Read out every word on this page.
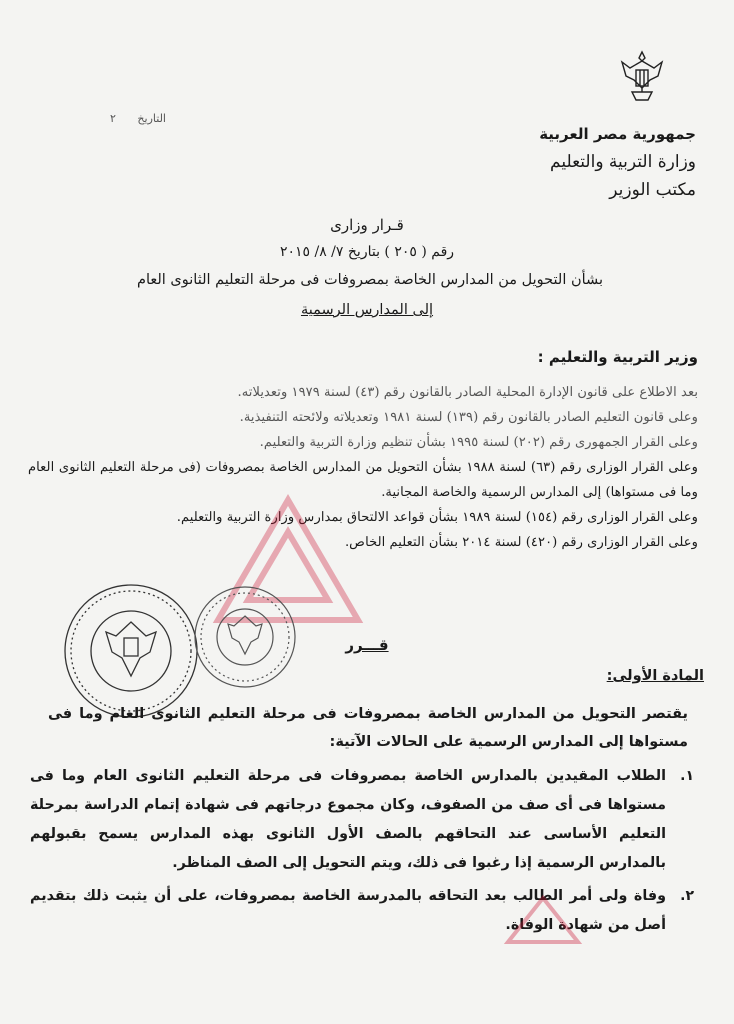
جمهورية مصر العربية
وزارة التربية والتعليم
مكتب الوزير
التاريخ ٢
قـرار وزارى
رقم ( ٢٠٥ ) بتاريخ ٧/ ٨/ ٢٠١٥
بشأن التحويل من المدارس الخاصة بمصروفات فى مرحلة التعليم الثانوى العام
إلى المدارس الرسمية
وزير التربية والتعليم :

بعد الاطلاع على قانون الإدارة المحلية الصادر بالقانون رقم (٤٣) لسنة ١٩٧٩ وتعديلاته.

وعلى قانون التعليم الصادر بالقانون رقم (١٣٩) لسنة ١٩٨١ وتعديلاته ولائحته التنفيذية.

وعلى القرار الجمهورى رقم (٢٠٢) لسنة ١٩٩٥ بشأن تنظيم وزارة التربية والتعليم.

وعلى القرار الوزارى رقم (٦٣) لسنة ١٩٨٨ بشأن التحويل من المدارس الخاصة بمصروفات (فى مرحلة التعليم الثانوى العام وما فى مستواها) إلى المدارس الرسمية والخاصة المجانية.

وعلى القرار الوزارى رقم (١٥٤) لسنة ١٩٨٩ بشأن قواعد الالتحاق بمدارس وزارة التربية والتعليم.

وعلى القرار الوزارى رقم (٤٢٠) لسنة ٢٠١٤ بشأن التعليم الخاص.

قـــرر
المادة الأولى:

يقتصر التحويل من المدارس الخاصة بمصروفات فى مرحلة التعليم الثانوى العام وما فى مستواها إلى المدارس الرسمية على الحالات الآتية:

١.
الطلاب المقيدين بالمدارس الخاصة بمصروفات فى مرحلة التعليم الثانوى العام وما فى مستواها فى أى صف من الصفوف، وكان مجموع درجاتهم فى شهادة إتمام الدراسة بمرحلة التعليم الأساسى عند التحاقهم بالصف الأول الثانوى بهذه المدارس يسمح بقبولهم بالمدارس الرسمية إذا رغبوا فى ذلك، ويتم التحويل إلى الصف المناظر.
٢.
وفاة ولى أمر الطالب بعد التحاقه بالمدرسة الخاصة بمصروفات، على أن يثبت ذلك بتقديم أصل من شهادة الوفاة.
